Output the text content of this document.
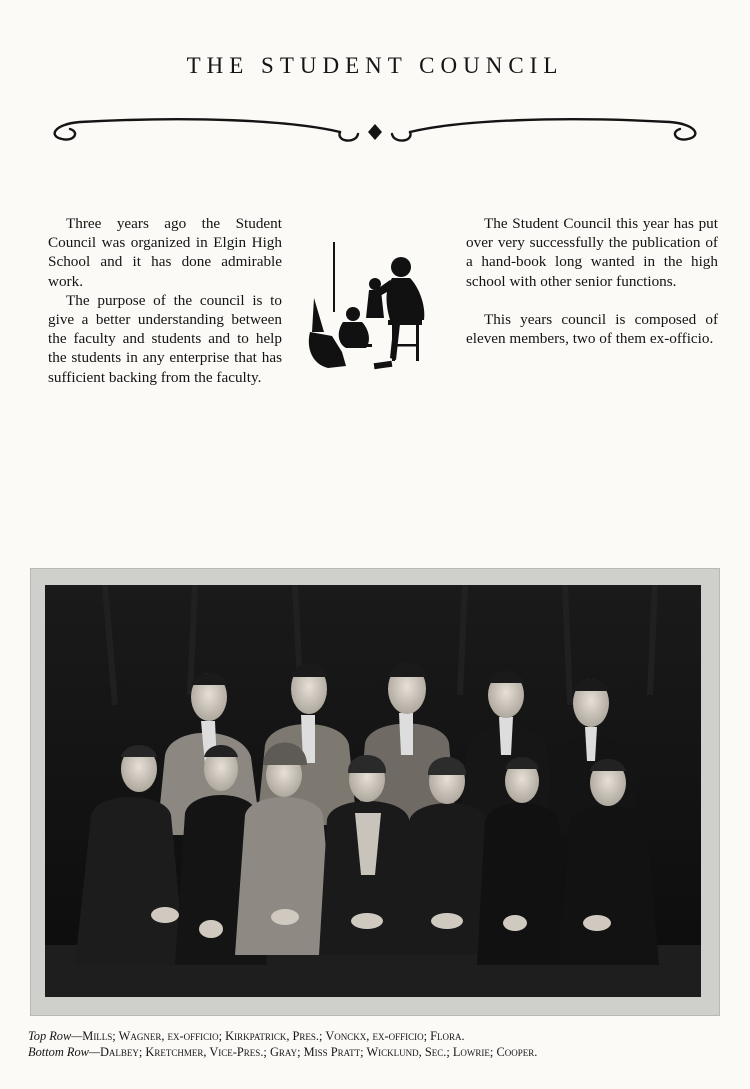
THE STUDENT COUNCIL

Three years ago the Student Council was organized in Elgin High School and it has done admirable work.

The purpose of the council is to give a better understanding between the faculty and students and to help the students in any enterprise that has sufficient backing from the faculty.

The Student Council this year has put over very successfully the publication of a hand-book long wanted in the high school with other senior functions.

This years council is composed of eleven members, two of them ex-officio.

Top Row—Mills; Wagner, ex-officio; Kirkpatrick, Pres.; Vonckx, ex-officio; Flora.
Bottom Row—Dalbey; Kretchmer, Vice-Pres.; Gray; Miss Pratt; Wicklund, Sec.; Lowrie; Cooper.
